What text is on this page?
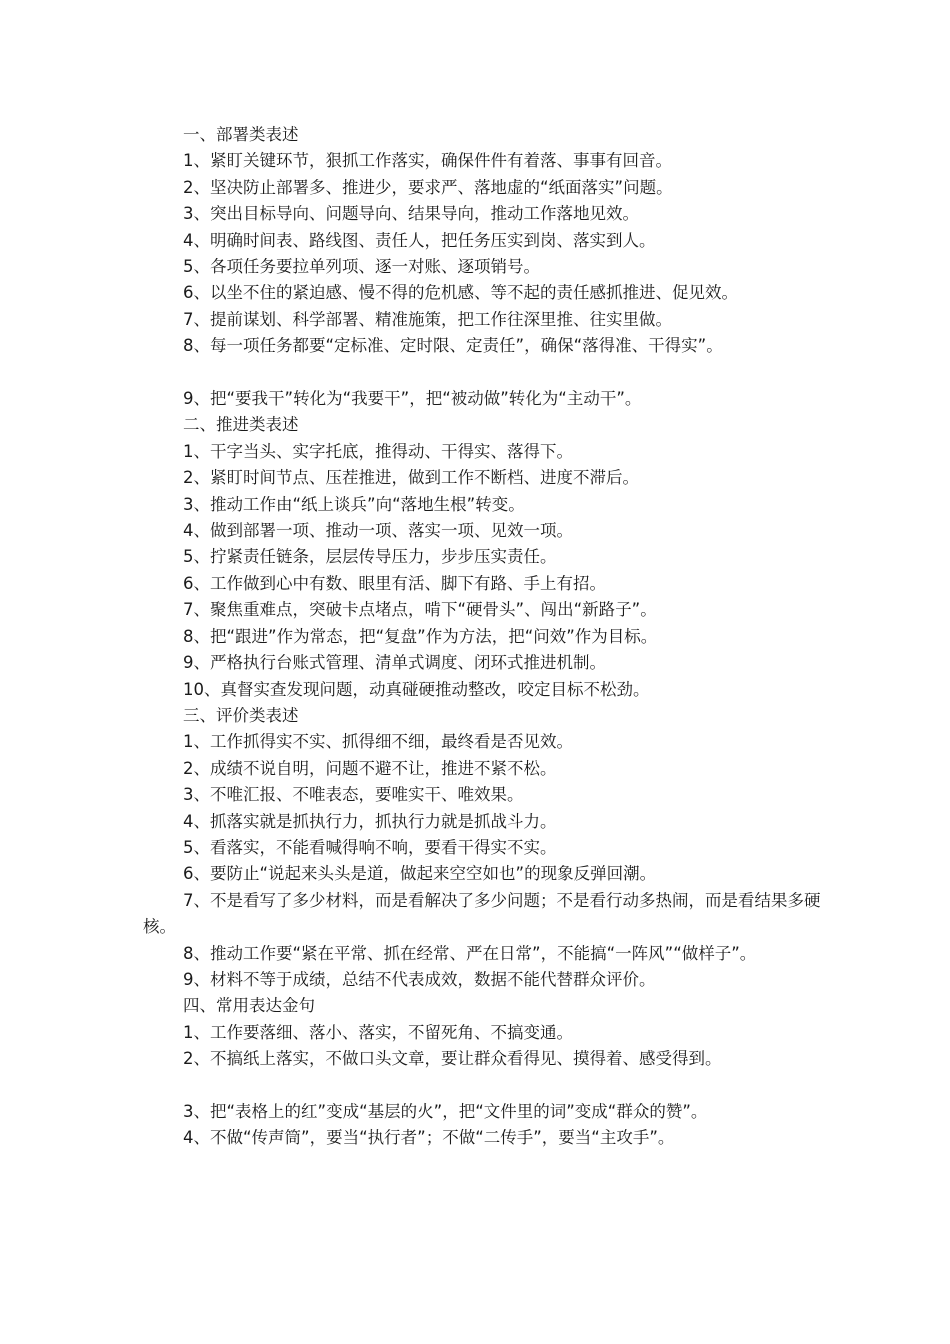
一、部署类表述

1、紧盯关键环节，狠抓工作落实，确保件件有着落、事事有回音。

2、坚决防止部署多、推进少，要求严、落地虚的“纸面落实”问题。

3、突出目标导向、问题导向、结果导向，推动工作落地见效。

4、明确时间表、路线图、责任人，把任务压实到岗、落实到人。

5、各项任务要拉单列项、逐一对账、逐项销号。

6、以坐不住的紧迫感、慢不得的危机感、等不起的责任感抓推进、促见效。

7、提前谋划、科学部署、精准施策，把工作往深里推、往实里做。

8、每一项任务都要“定标准、定时限、定责任”，确保“落得准、干得实”。

9、把“要我干”转化为“我要干”，把“被动做”转化为“主动干”。

二、推进类表述

1、干字当头、实字托底，推得动、干得实、落得下。

2、紧盯时间节点、压茬推进，做到工作不断档、进度不滞后。

3、推动工作由“纸上谈兵”向“落地生根”转变。

4、做到部署一项、推动一项、落实一项、见效一项。

5、拧紧责任链条，层层传导压力，步步压实责任。

6、工作做到心中有数、眼里有活、脚下有路、手上有招。

7、聚焦重难点，突破卡点堵点，啃下“硬骨头”、闯出“新路子”。

8、把“跟进”作为常态，把“复盘”作为方法，把“问效”作为目标。

9、严格执行台账式管理、清单式调度、闭环式推进机制。

10、真督实查发现问题，动真碰硬推动整改，咬定目标不松劲。

三、评价类表述

1、工作抓得实不实、抓得细不细，最终看是否见效。

2、成绩不说自明，问题不避不让，推进不紧不松。

3、不唯汇报、不唯表态，要唯实干、唯效果。

4、抓落实就是抓执行力，抓执行力就是抓战斗力。

5、看落实，不能看喊得响不响，要看干得实不实。

6、要防止“说起来头头是道，做起来空空如也”的现象反弹回潮。

7、不是看写了多少材料，而是看解决了多少问题；不是看行动多热闹，而是看结果多硬核。

8、推动工作要“紧在平常、抓在经常、严在日常”，不能搞“一阵风”“做样子”。

9、材料不等于成绩，总结不代表成效，数据不能代替群众评价。

四、常用表达金句

1、工作要落细、落小、落实，不留死角、不搞变通。

2、不搞纸上落实，不做口头文章，要让群众看得见、摸得着、感受得到。

3、把“表格上的红”变成“基层的火”，把“文件里的词”变成“群众的赞”。

4、不做“传声筒”，要当“执行者”；不做“二传手”，要当“主攻手”。
